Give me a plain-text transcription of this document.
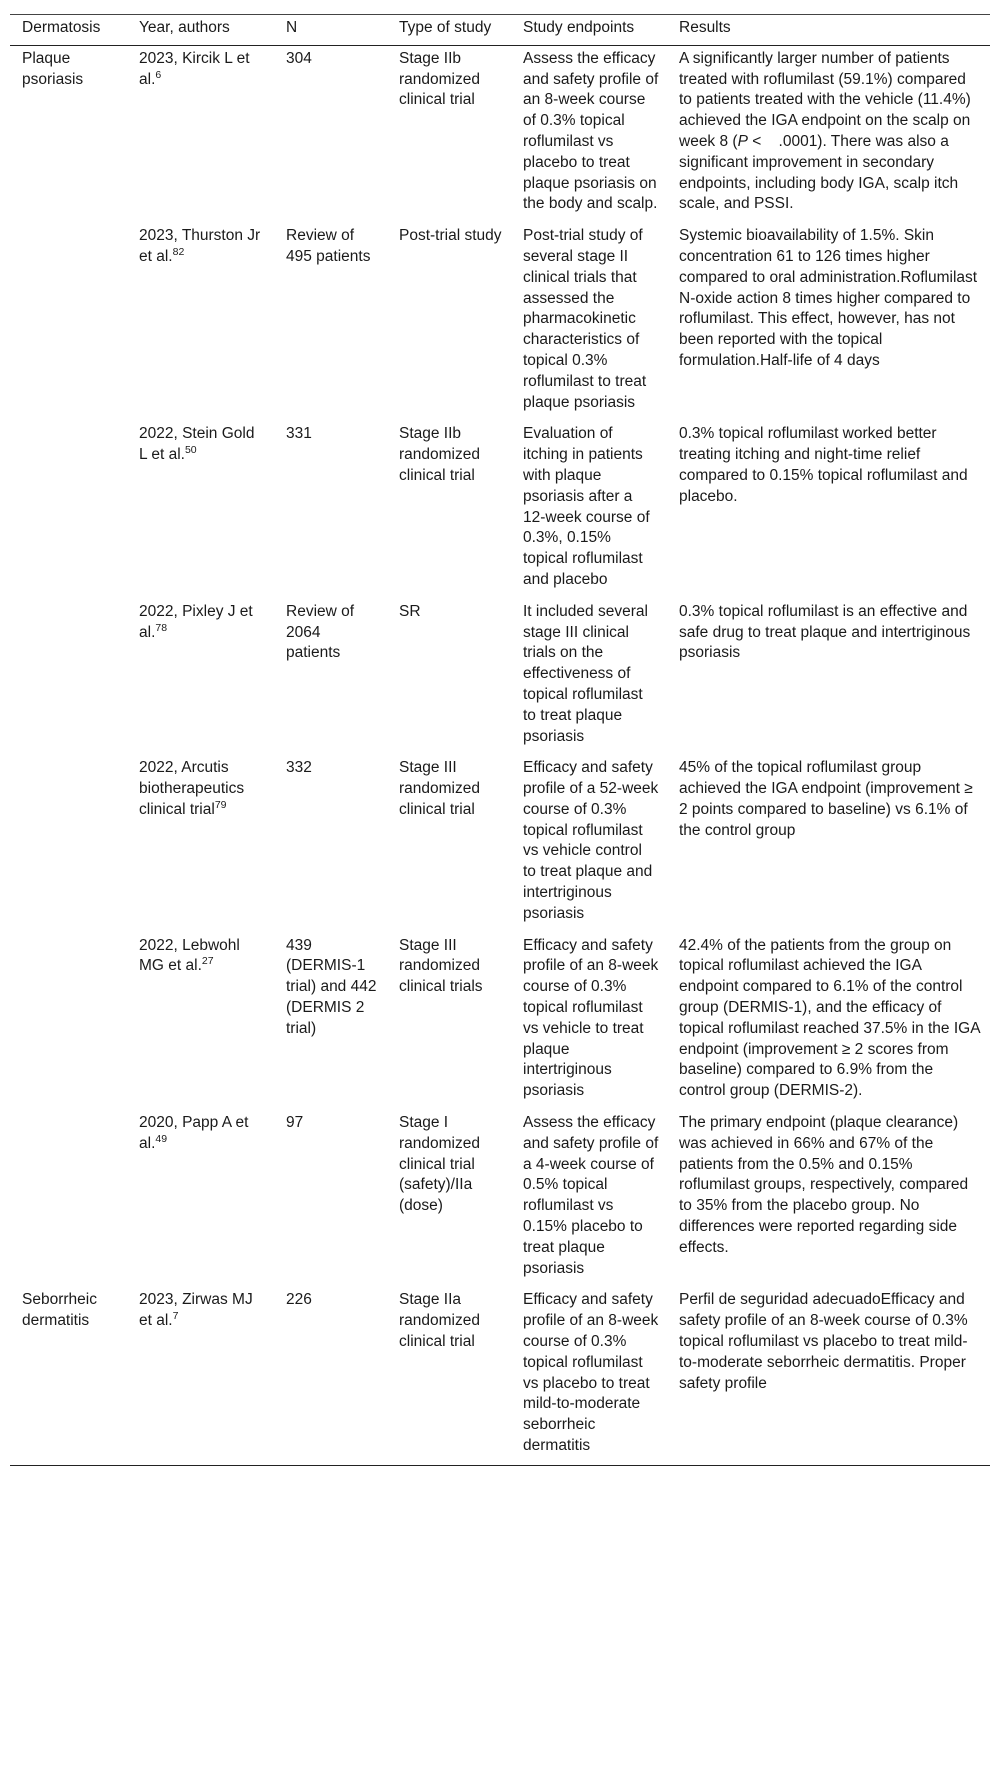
Dermatosis	Year, authors	N	Type of study	Study endpoints	Results
Plaque psoriasis	2023, Kircik L et al.$^6$	304	Stage IIb randomized clinical trial	Assess the efficacy and safety profile of an 8-week course of 0.3% topical roflumilast vs placebo to treat plaque psoriasis on the body and scalp.	A significantly larger number of patients treated with roflumilast (59.1%) compared to patients treated with the vehicle (11.4%) achieved the IGA endpoint on the scalp on week 8 (P <    .0001). There was also a significant improvement in secondary endpoints, including body IGA, scalp itch scale, and PSSI.
	2023, Thurston Jr et al.$^{82}$	Review of 495 patients	Post-trial study	Post-trial study of several stage II clinical trials that assessed the pharmacokinetic characteristics of topical 0.3% roflumilast to treat plaque psoriasis	Systemic bioavailability of 1.5%. Skin concentration 61 to 126 times higher compared to oral administration.Roflumilast N-oxide action 8 times higher compared to roflumilast. This effect, however, has not been reported with the topical formulation.Half-life of 4 days
	2022, Stein Gold L et al.$^{50}$	331	Stage IIb randomized clinical trial	Evaluation of itching in patients with plaque psoriasis after a 12-week course of 0.3%, 0.15% topical roflumilast and placebo	0.3% topical roflumilast worked better treating itching and night-time relief compared to 0.15% topical roflumilast and placebo.
	2022, Pixley J et al.$^{78}$	Review of 2064 patients	SR	It included several stage III clinical trials on the effectiveness of topical roflumilast to treat plaque psoriasis	0.3% topical roflumilast is an effective and safe drug to treat plaque and intertriginous psoriasis
	2022, Arcutis biotherapeutics clinical trial$^{79}$	332	Stage III randomized clinical trial	Efficacy and safety profile of a 52-week course of 0.3% topical roflumilast vs vehicle control to treat plaque and intertriginous psoriasis	45% of the topical roflumilast group achieved the IGA endpoint (improvement ≥ 2 points compared to baseline) vs 6.1% of the control group
	2022, Lebwohl MG et al.$^{27}$	439 (DERMIS-1 trial) and 442 (DERMIS 2 trial)	Stage III randomized clinical trials	Efficacy and safety profile of an 8-week course of 0.3% topical roflumilast vs vehicle to treat plaque intertriginous psoriasis	42.4% of the patients from the group on topical roflumilast achieved the IGA endpoint compared to 6.1% of the control group (DERMIS-1), and the efficacy of topical roflumilast reached 37.5% in the IGA endpoint (improvement ≥ 2 scores from baseline) compared to 6.9% from the control group (DERMIS-2).
	2020, Papp A et al.$^{49}$	97	Stage I randomized clinical trial (safety)/IIa (dose)	Assess the efficacy and safety profile of a 4-week course of 0.5% topical roflumilast vs 0.15% placebo to treat plaque psoriasis	The primary endpoint (plaque clearance) was achieved in 66% and 67% of the patients from the 0.5% and 0.15% roflumilast groups, respectively, compared to 35% from the placebo group. No differences were reported regarding side effects.
Seborrheic dermatitis	2023, Zirwas MJ et al.$^7$	226	Stage IIa randomized clinical trial	Efficacy and safety profile of an 8-week course of 0.3% topical roflumilast vs placebo to treat mild-to-moderate seborrheic dermatitis	Perfil de seguridad adecuadoEfficacy and safety profile of an 8-week course of 0.3% topical roflumilast vs placebo to treat mild-to-moderate seborrheic dermatitis. Proper safety profile
